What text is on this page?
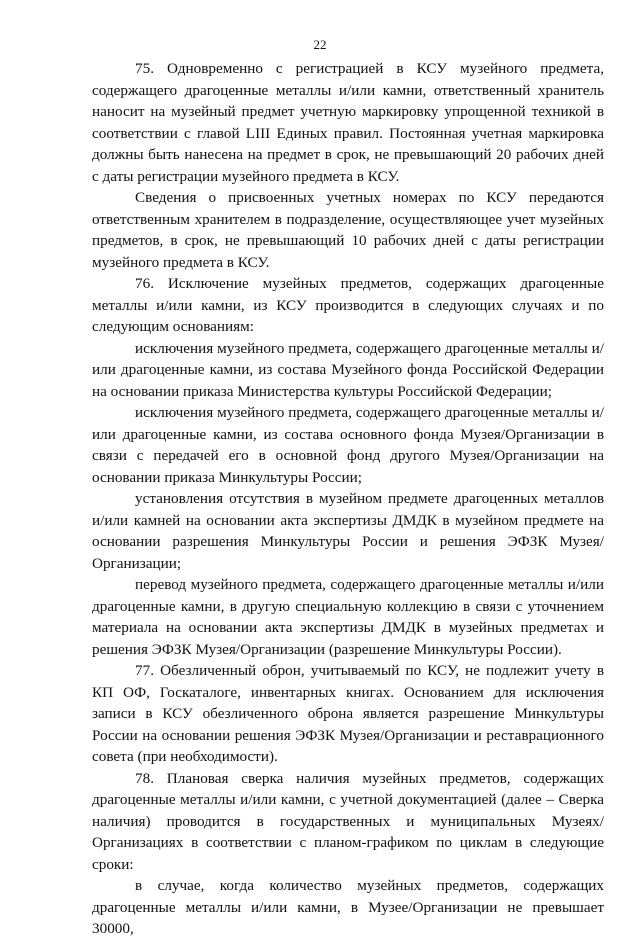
22

75. Одновременно с регистрацией в КСУ музейного предмета, содержащего драгоценные металлы и/или камни, ответственный хранитель наносит на музейный предмет учетную маркировку упрощенной техникой в соответствии с главой LIII Единых правил. Постоянная учетная маркировка должны быть нанесена на предмет в срок, не превышающий 20 рабочих дней с даты регистрации музейного предмета в КСУ.

Сведения о присвоенных учетных номерах по КСУ передаются ответственным хранителем в подразделение, осуществляющее учет музейных предметов, в срок, не превышающий 10 рабочих дней с даты регистрации музейного предмета в КСУ.

76. Исключение музейных предметов, содержащих драгоценные металлы и/или камни, из КСУ производится в следующих случаях и по следующим основаниям:

исключения музейного предмета, содержащего драгоценные металлы и/или драгоценные камни, из состава Музейного фонда Российской Федерации на основании приказа Министерства культуры Российской Федерации;

исключения музейного предмета, содержащего драгоценные металлы и/или драгоценные камни, из состава основного фонда Музея/Организации в связи с передачей его в основной фонд другого Музея/Организации на основании приказа Минкультуры России;

установления отсутствия в музейном предмете драгоценных металлов и/или камней на основании акта экспертизы ДМДК в музейном предмете на основании разрешения Минкультуры России и решения ЭФЗК Музея/Организации;

перевод музейного предмета, содержащего драгоценные металлы и/или драгоценные камни, в другую специальную коллекцию в связи с уточнением материала на основании акта экспертизы ДМДК в музейных предметах и решения ЭФЗК Музея/Организации (разрешение Минкультуры России).

77. Обезличенный оброн, учитываемый по КСУ, не подлежит учету в КП ОФ, Госкаталоге, инвентарных книгах. Основанием для исключения записи в КСУ обезличенного оброна является разрешение Минкультуры России на основании решения ЭФЗК Музея/Организации и реставрационного совета (при необходимости).

78. Плановая сверка наличия музейных предметов, содержащих драгоценные металлы и/или камни, с учетной документацией (далее – Сверка наличия) проводится в государственных и муниципальных Музеях/Организациях в соответствии с планом-графиком по циклам в следующие сроки:

в случае, когда количество музейных предметов, содержащих драгоценные металлы и/или камни, в Музее/Организации не превышает 30000,
